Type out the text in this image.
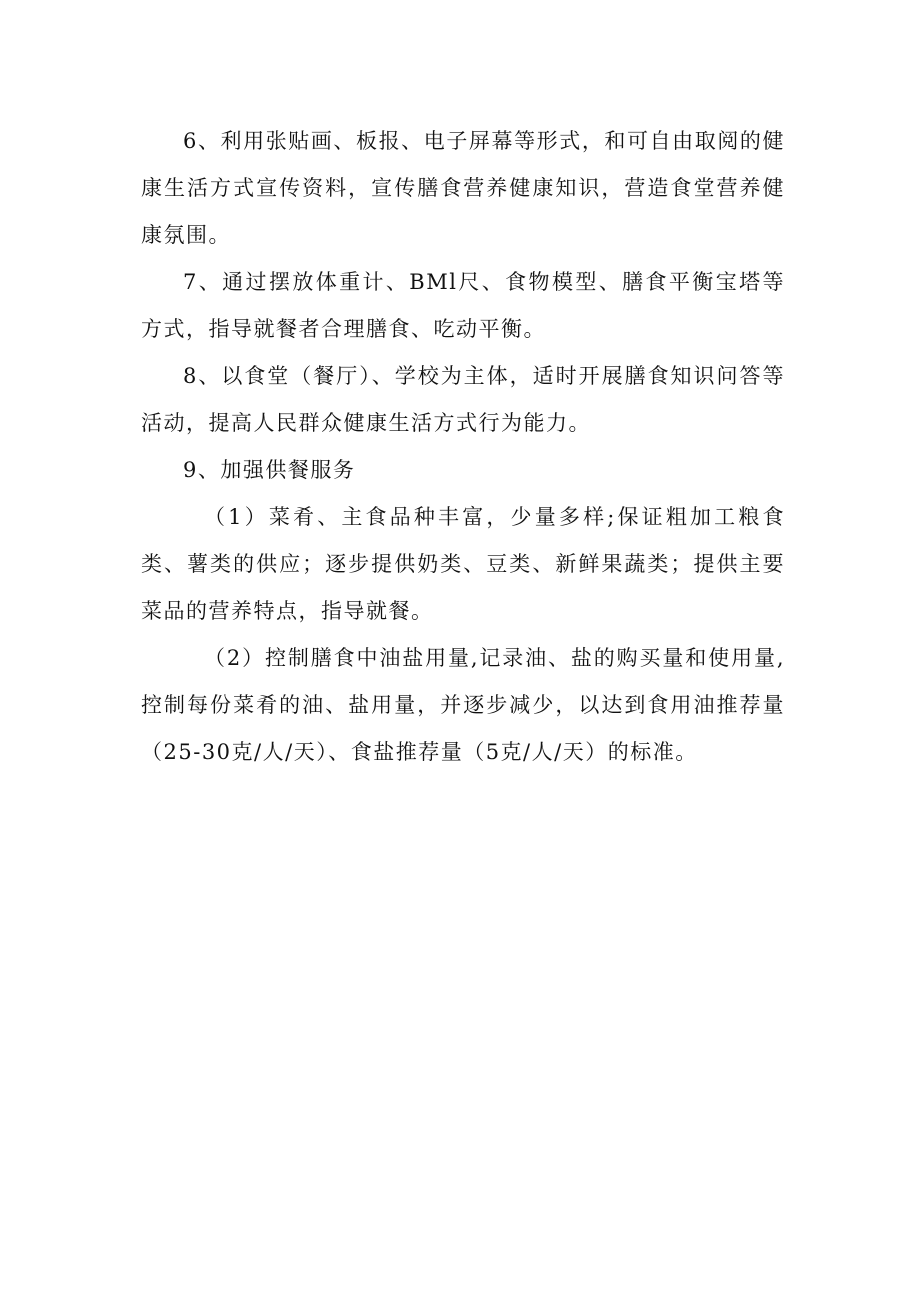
6、利用张贴画、板报、电子屏幕等形式，和可自由取阅的健康生活方式宣传资料，宣传膳食营养健康知识，营造食堂营养健康氛围。

7、通过摆放体重计、BMl尺、食物模型、膳食平衡宝塔等方式，指导就餐者合理膳食、吃动平衡。

8、以食堂（餐厅）、学校为主体，适时开展膳食知识问答等活动，提高人民群众健康生活方式行为能力。

9、加强供餐服务

（1）菜肴、主食品种丰富，少量多样;保证粗加工粮食类、薯类的供应；逐步提供奶类、豆类、新鲜果蔬类；提供主要菜品的营养特点，指导就餐。

（2）控制膳食中油盐用量,记录油、盐的购买量和使用量,控制每份菜肴的油、盐用量，并逐步减少，以达到食用油推荐量（25-30克/人/天）、食盐推荐量（5克/人/天）的标准。
